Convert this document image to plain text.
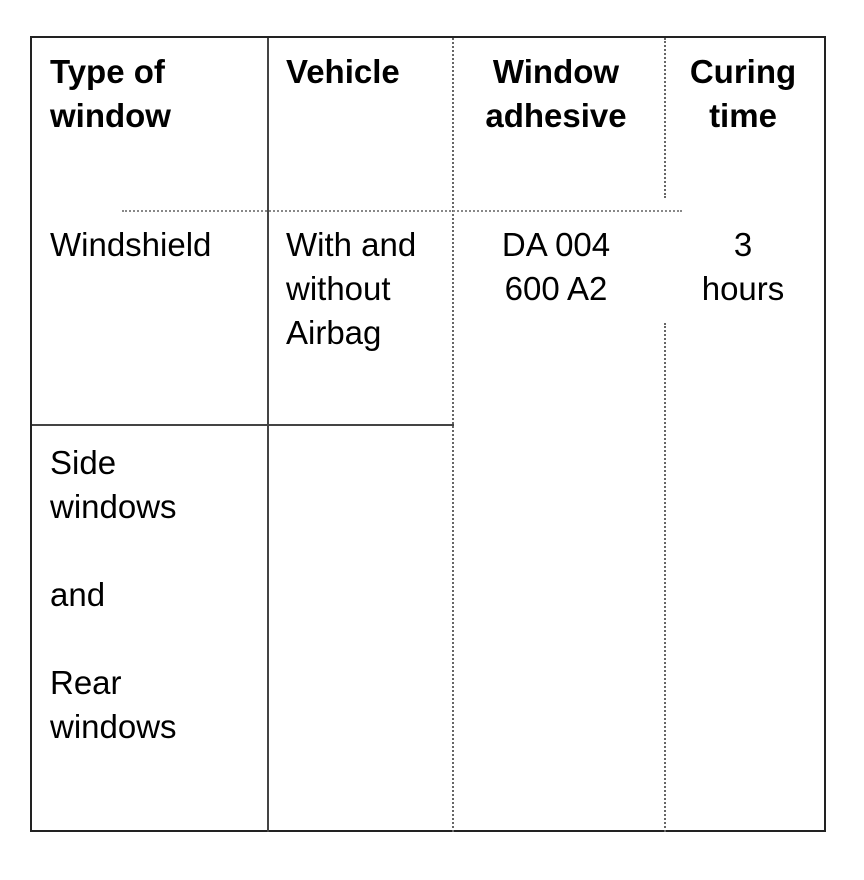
Type of
window
Vehicle	Window
adhesive
Curing
time
Windshield	With and
without
Airbag
DA 004
600 A2
3
hours
Side
windows

and

Rear
windows
